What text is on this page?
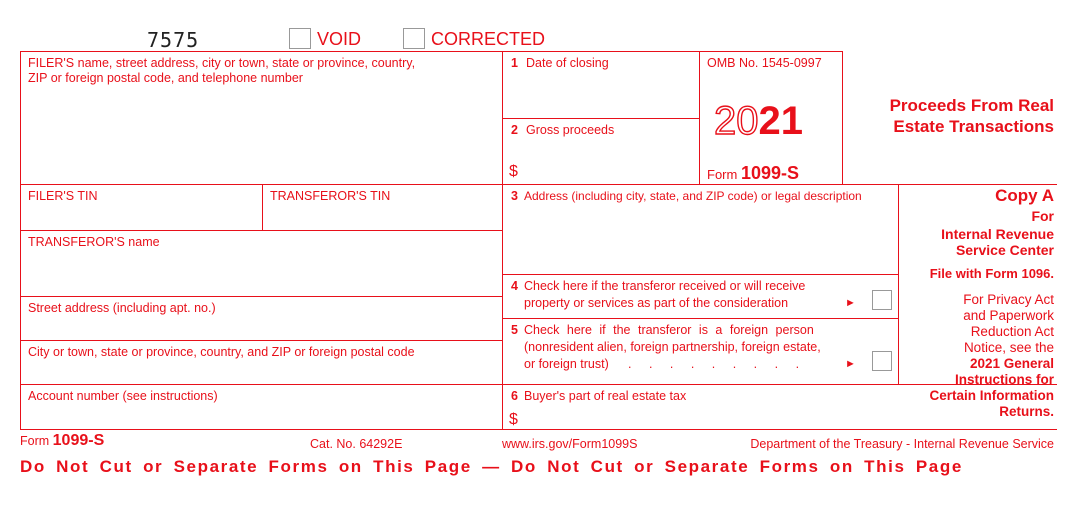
7575	VOID	CORRECTED
FILER'S name, street address, city or town, state or province, country,
ZIP or foreign postal code, and telephone number
1 Date of closing
2 Gross proceeds
$
OMB No. 1545-0997
2021
Form 1099-S
Proceeds From Real
Estate Transactions
FILER'S TIN	TRANSFEROR'S TIN	3 Address (including city, state, and ZIP code) or legal description	Copy A
For
Internal Revenue
Service Center
File with Form 1096.
For Privacy Act
and Paperwork
Reduction Act
Notice, see the
2021 General
Instructions for
Certain Information
Returns.
TRANSFEROR'S name
4 Check here if the transferor received or will receive
property or services as part of the consideration	►
Street address (including apt. no.)
5 Check here if the transferor is a foreign person
(nonresident alien, foreign partnership, foreign estate,
or foreign trust) . . . . . . . . .	►
City or town, state or province, country, and ZIP or foreign postal code
Account number (see instructions)	6 Buyer's part of real estate tax
$
Form 1099-S	Cat. No. 64292E	www.irs.gov/Form1099S	Department of the Treasury - Internal Revenue Service
Do Not Cut or Separate Forms on This Page — Do Not Cut or Separate Forms on This Page
